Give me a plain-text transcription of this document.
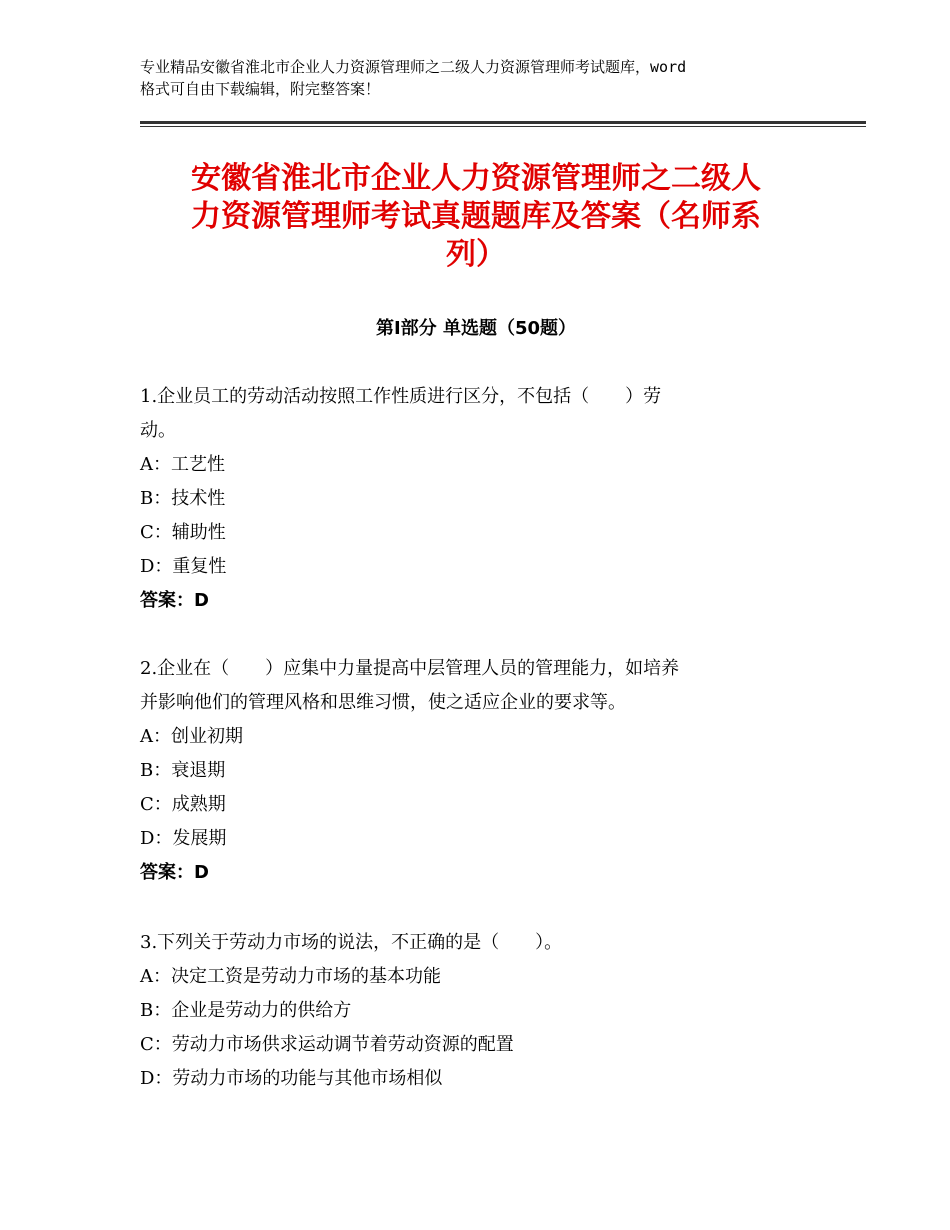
专业精品安徽省淮北市企业人力资源管理师之二级人力资源管理师考试题库，word
格式可自由下载编辑，附完整答案！
安徽省淮北市企业人力资源管理师之二级人
力资源管理师考试真题题库及答案（名师系
列）
第Ⅰ部分 单选题（50题）
1.企业员工的劳动活动按照工作性质进行区分，不包括（　　）劳
动。
A：工艺性
B：技术性
C：辅助性
D：重复性
答案：D
2.企业在（　　）应集中力量提高中层管理人员的管理能力，如培养
并影响他们的管理风格和思维习惯，使之适应企业的要求等。
A：创业初期
B：衰退期
C：成熟期
D：发展期
答案：D
3.下列关于劳动力市场的说法，不正确的是（　　）。
A：决定工资是劳动力市场的基本功能
B：企业是劳动力的供给方
C：劳动力市场供求运动调节着劳动资源的配置
D：劳动力市场的功能与其他市场相似
